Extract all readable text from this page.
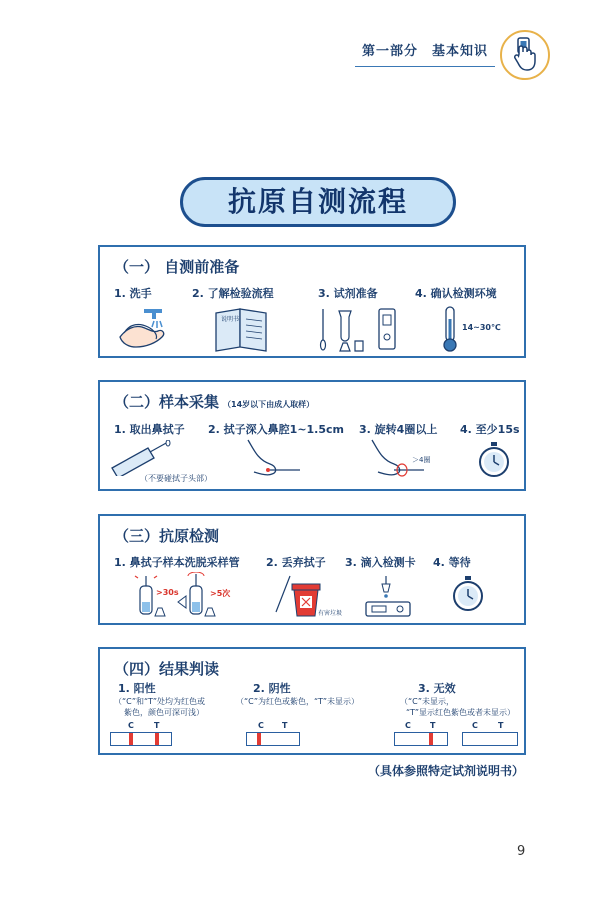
第一部分　基本知识
抗原自测流程
（一） 自测前准备
1. 洗手	2. 了解检验流程	3. 试剂准备	4. 确认检测环境
说明书
14~30℃
（二）样本采集 （14岁以下由成人取样）
1. 取出鼻拭子 2. 拭子深入鼻腔1~1.5cm 3. 旋转4圈以上 4. 至少15s
（不要碰拭子头部）
＞4圈
（三）抗原检测
1. 鼻拭子样本洗脱采样管 2. 丢弃拭子 3. 滴入检测卡 4. 等待
>30s	>5次
有害垃圾
（四）结果判读
1. 阳性
（“C”和“T”处均为红色或
紫色，颜色可深可浅）
2. 阴性
（“C”为红色或紫色，“T”未显示）
3. 无效
（“C”未显示，
“T”显示红色紫色或者未显示）
C	T	C T	C T	C	T
（具体参照特定试剂说明书）
9
